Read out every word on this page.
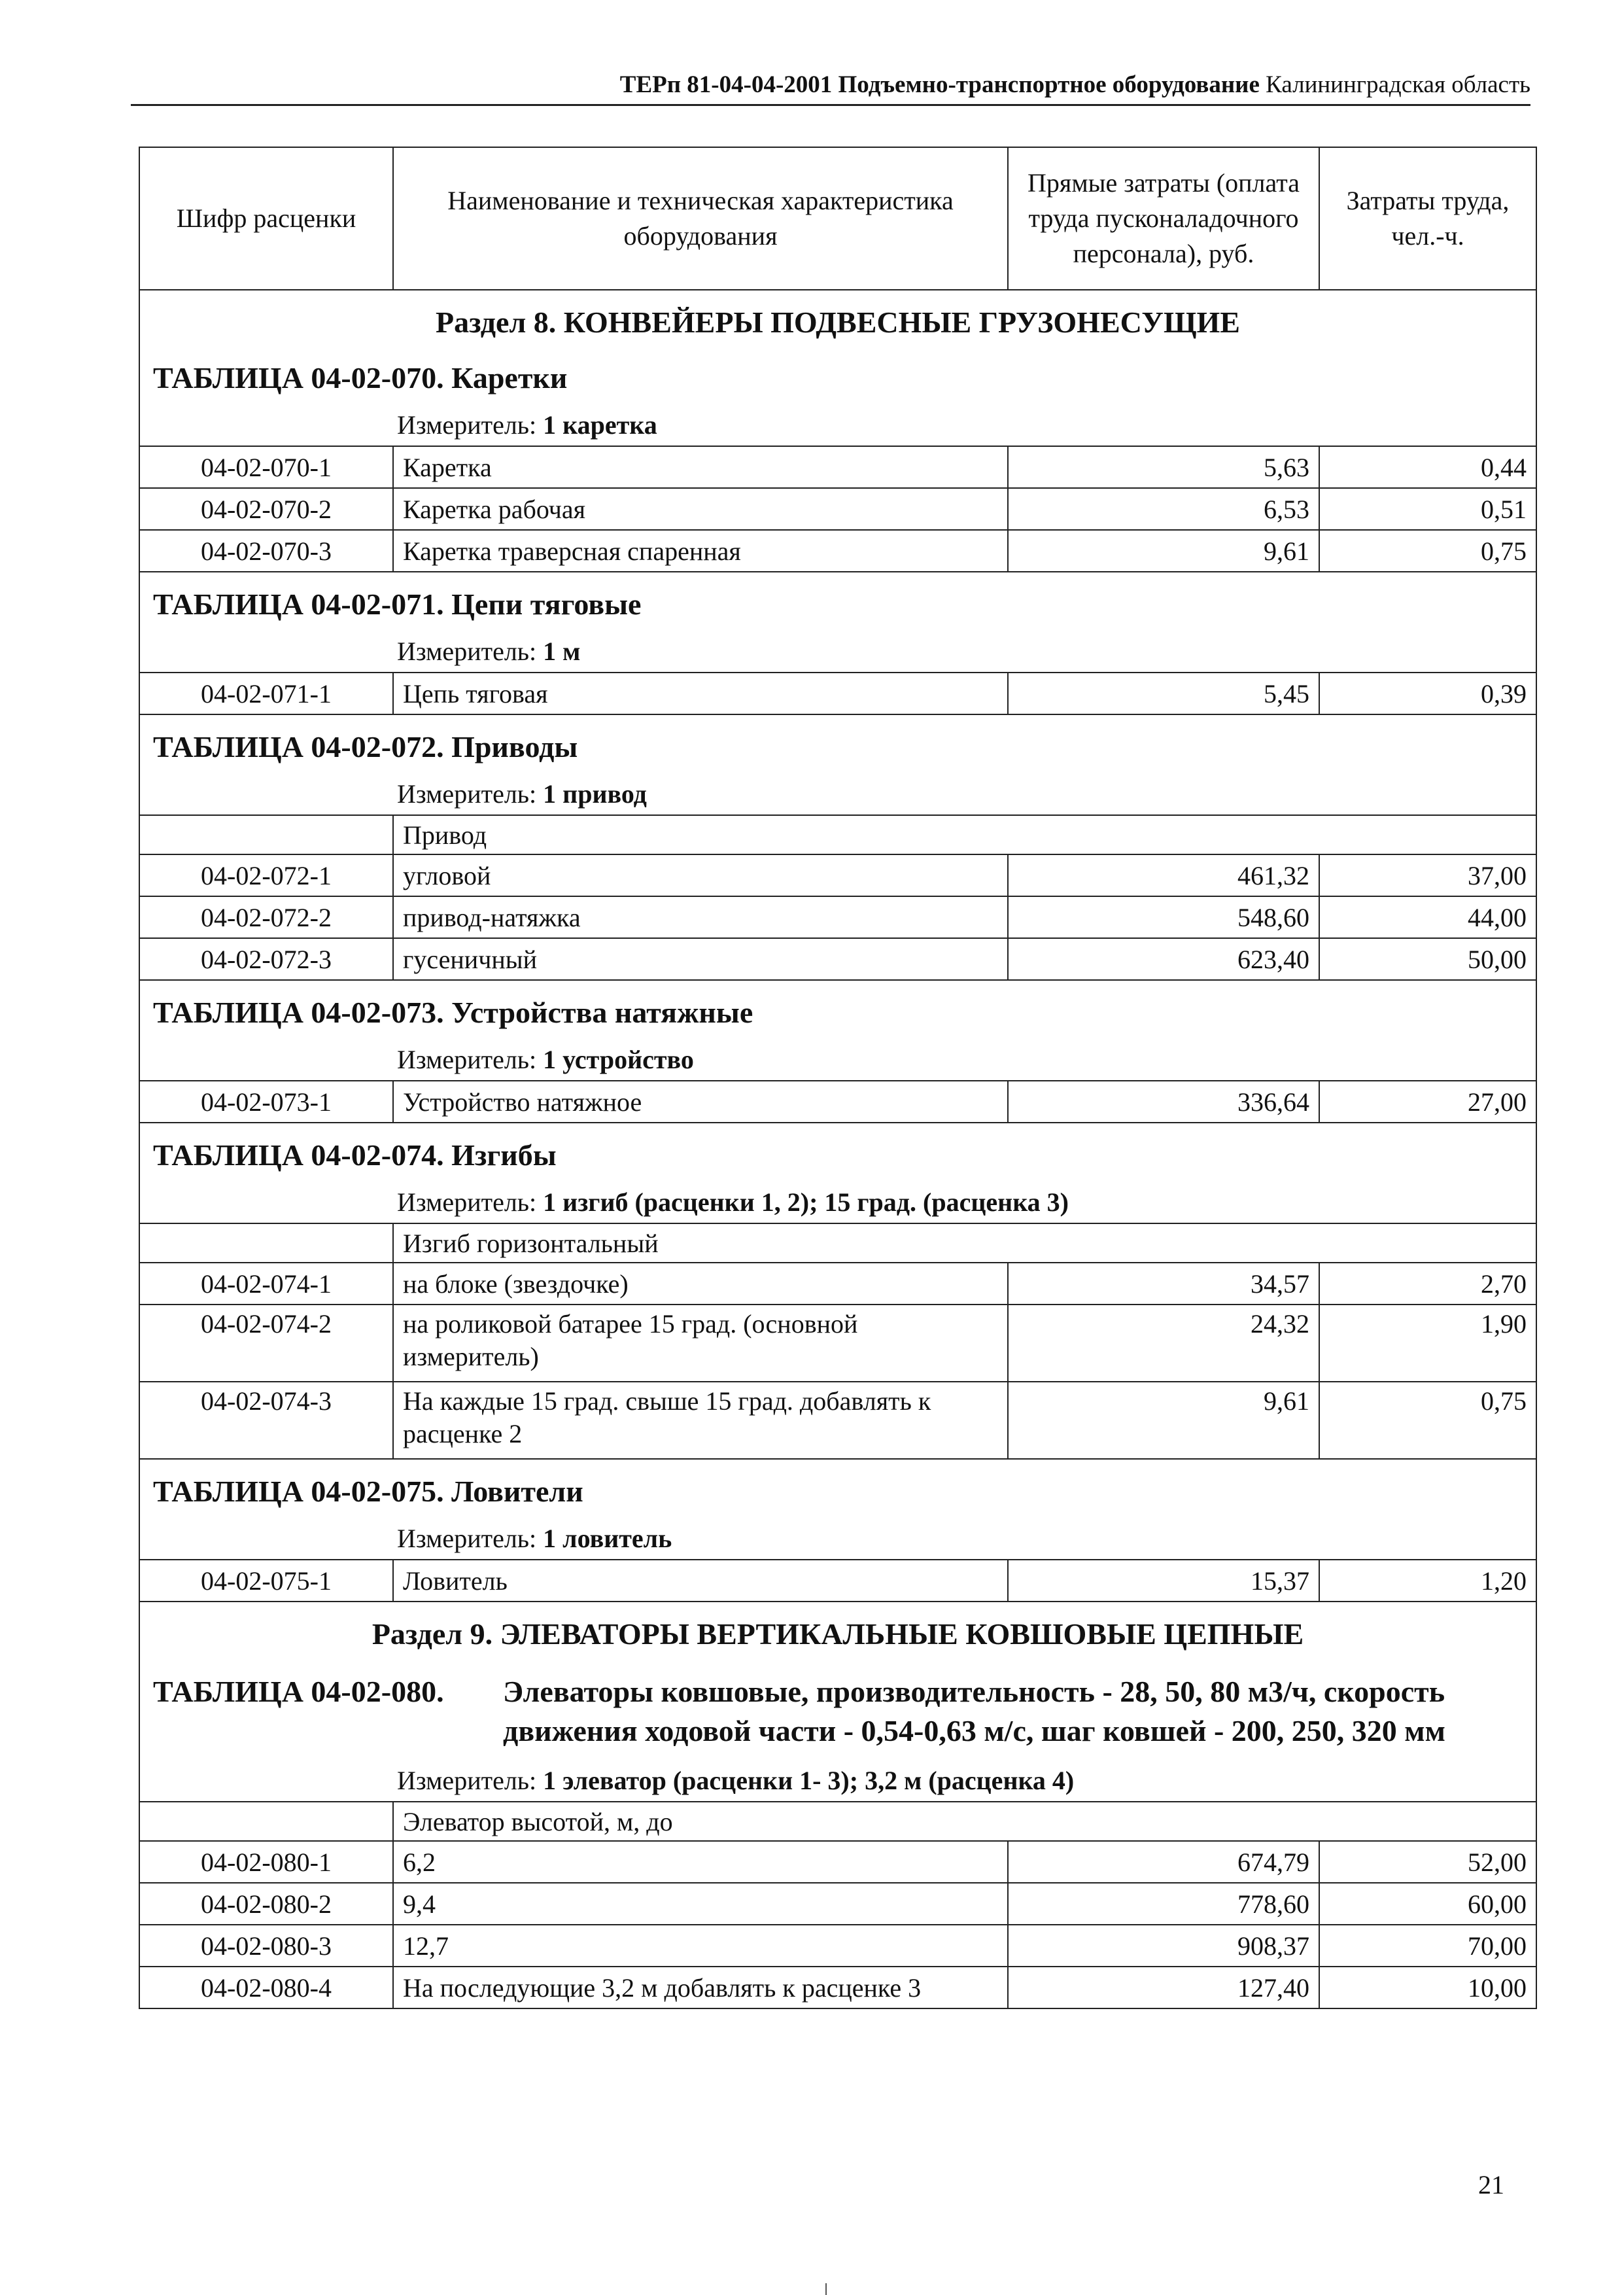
ТЕРп 81-04-04-2001 Подъемно-транспортное оборудование Калининградская область
Шифр расценки	Наименование и техническая характеристика оборудования	Прямые затраты (оплата труда пусконаладочного персонала), руб.	Затраты труда, чел.-ч.

Раздел 8. КОНВЕЙЕРЫ ПОДВЕСНЫЕ ГРУЗОНЕСУЩИЕ
ТАБЛИЦА 04-02-070. Каретки
Измеритель: 1 каретка			

04-02-070-1	Каретка	5,63	0,44
04-02-070-2	Каретка рабочая	6,53	0,51
04-02-070-3	Каретка траверсная спаренная	9,61	0,75

ТАБЛИЦА 04-02-071. Цепи тяговые
Измеритель: 1 м			

04-02-071-1	Цепь тяговая	5,45	0,39

ТАБЛИЦА 04-02-072. Приводы
Измеритель: 1 привод			

	Привод		
04-02-072-1	угловой	461,32	37,00
04-02-072-2	привод-натяжка	548,60	44,00
04-02-072-3	гусеничный	623,40	50,00

ТАБЛИЦА 04-02-073. Устройства натяжные
Измеритель: 1 устройство			

04-02-073-1	Устройство натяжное	336,64	27,00

ТАБЛИЦА 04-02-074. Изгибы
Измеритель: 1 изгиб (расценки 1, 2); 15 град. (расценка 3)			

	Изгиб горизонтальный		
04-02-074-1	на блоке (звездочке)	34,57	2,70
04-02-074-2	на роликовой батарее 15 град. (основной измеритель)	24,32	1,90
04-02-074-3	На каждые 15 град. свыше 15 град. добавлять к расценке 2	9,61	0,75

ТАБЛИЦА 04-02-075. Ловители
Измеритель: 1 ловитель			

04-02-075-1	Ловитель	15,37	1,20

Раздел 9. ЭЛЕВАТОРЫ ВЕРТИКАЛЬНЫЕ КОВШОВЫЕ ЦЕПНЫЕ
ТАБЛИЦА 04-02-080. Элеваторы ковшовые, производительность - 28, 50, 80 м3/ч, скорость движения ходовой части - 0,54-0,63 м/с, шаг ковшей - 200, 250, 320 мм
Измеритель: 1 элеватор (расценки 1- 3); 3,2 м (расценка 4)			

	Элеватор высотой, м, до		
04-02-080-1	6,2	674,79	52,00
04-02-080-2	9,4	778,60	60,00
04-02-080-3	12,7	908,37	70,00
04-02-080-4	На последующие 3,2 м добавлять к расценке 3	127,40	10,00
21
